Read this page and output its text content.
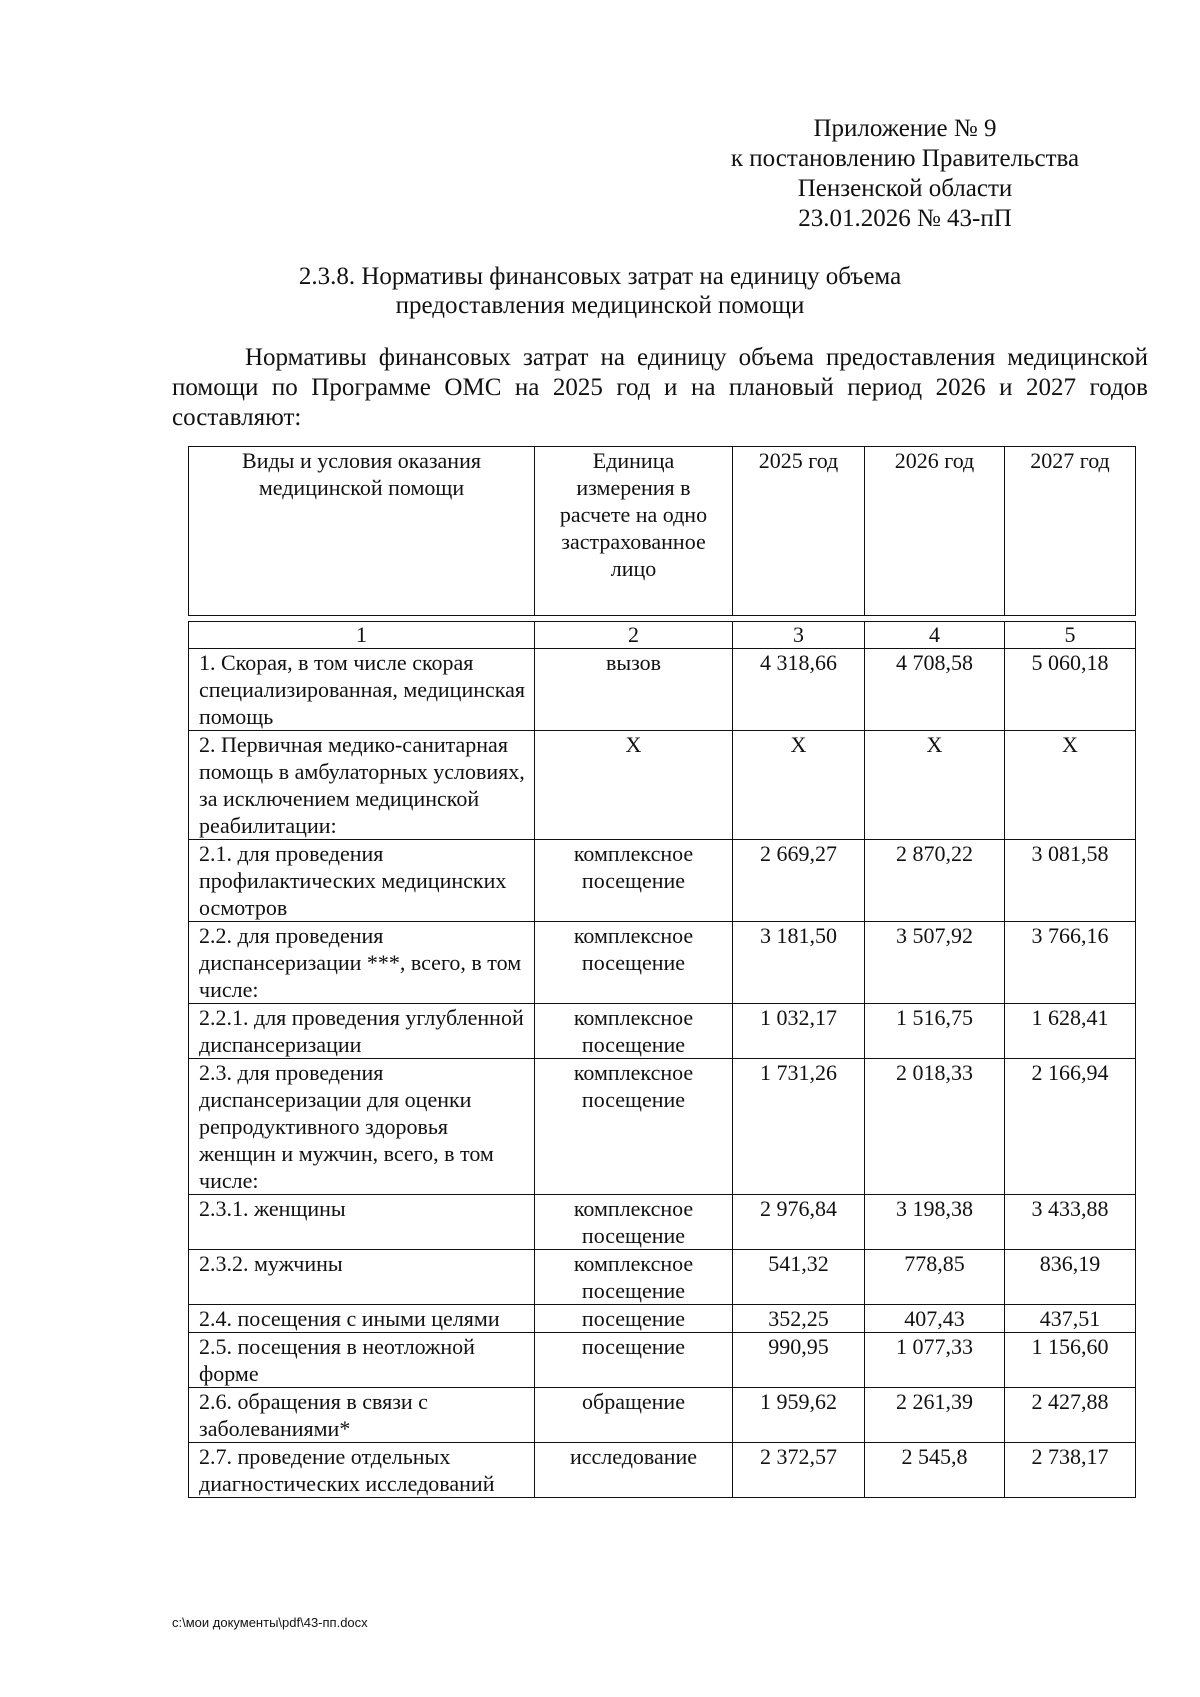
Приложение № 9
к постановлению Правительства
Пензенской области
23.01.2026 № 43-пП
2.3.8. Нормативы финансовых затрат на единицу объема
предоставления медицинской помощи
Нормативы финансовых затрат на единицу объема предоставления медицинской помощи по Программе ОМС на 2025 год и на плановый период 2026 и 2027 годов составляют:
Виды и условия оказания медицинской помощи	Единица измерения в расчете на одно застрахованное лицо	2025 год	2026 год	2027 год

1	2	3	4	5
1. Скорая, в том числе скорая специализированная, медицинская помощь	вызов	4 318,66	4 708,58	5 060,18
2. Первичная медико-санитарная помощь в амбулаторных условиях, за исключением медицинской реабилитации:	Х	Х	Х	Х
2.1. для проведения профилактических медицинских осмотров	комплексное посещение	2 669,27	2 870,22	3 081,58
2.2. для проведения диспансеризации ***, всего, в том числе:	комплексное посещение	3 181,50	3 507,92	3 766,16
2.2.1. для проведения углубленной диспансеризации	комплексное посещение	1 032,17	1 516,75	1 628,41
2.3. для проведения диспансеризации для оценки репродуктивного здоровья женщин и мужчин, всего, в том числе:	комплексное посещение	1 731,26	2 018,33	2 166,94
2.3.1. женщины	комплексное посещение	2 976,84	3 198,38	3 433,88
2.3.2. мужчины	комплексное посещение	541,32	778,85	836,19
2.4. посещения с иными целями	посещение	352,25	407,43	437,51
2.5. посещения в неотложной форме	посещение	990,95	1 077,33	1 156,60
2.6. обращения в связи с заболеваниями*	обращение	1 959,62	2 261,39	2 427,88
2.7. проведение отдельных диагностических исследований	исследование	2 372,57	2 545,8	2 738,17
c:\мои документы\pdf\43-пп.docx
